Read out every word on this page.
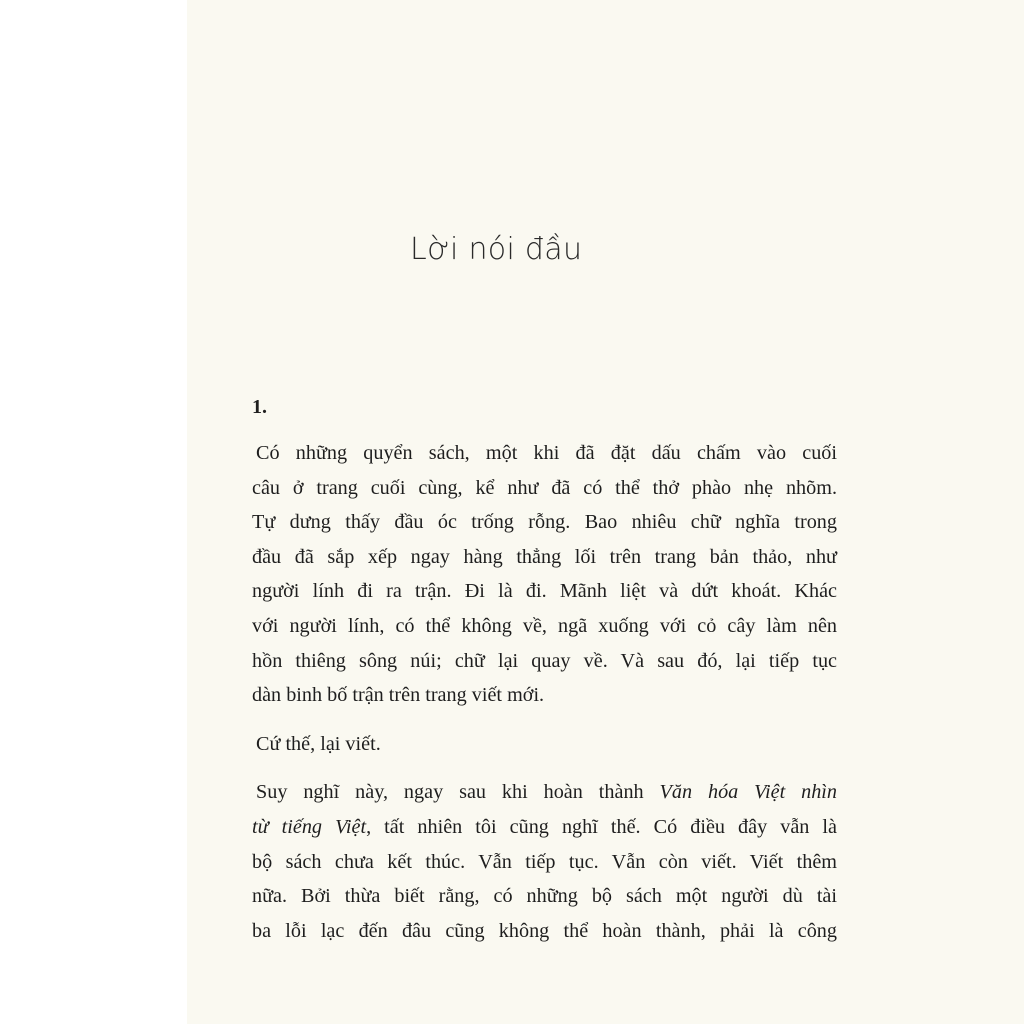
Lời nói đầu

1.

Có những quyển sách, một khi đã đặt dấu chấm vào cuối
câu ở trang cuối cùng, kể như đã có thể thở phào nhẹ nhõm.
Tự dưng thấy đầu óc trống rỗng. Bao nhiêu chữ nghĩa trong
đầu đã sắp xếp ngay hàng thẳng lối trên trang bản thảo, như
người lính đi ra trận. Đi là đi. Mãnh liệt và dứt khoát. Khác
với người lính, có thể không về, ngã xuống với cỏ cây làm nên
hồn thiêng sông núi; chữ lại quay về. Và sau đó, lại tiếp tục
dàn binh bố trận trên trang viết mới.

Cứ thế, lại viết.

Suy nghĩ này, ngay sau khi hoàn thành Văn hóa Việt nhìn
từ tiếng Việt, tất nhiên tôi cũng nghĩ thế. Có điều đây vẫn là
bộ sách chưa kết thúc. Vẫn tiếp tục. Vẫn còn viết. Viết thêm
nữa. Bởi thừa biết rằng, có những bộ sách một người dù tài
ba lỗi lạc đến đâu cũng không thể hoàn thành, phải là công
